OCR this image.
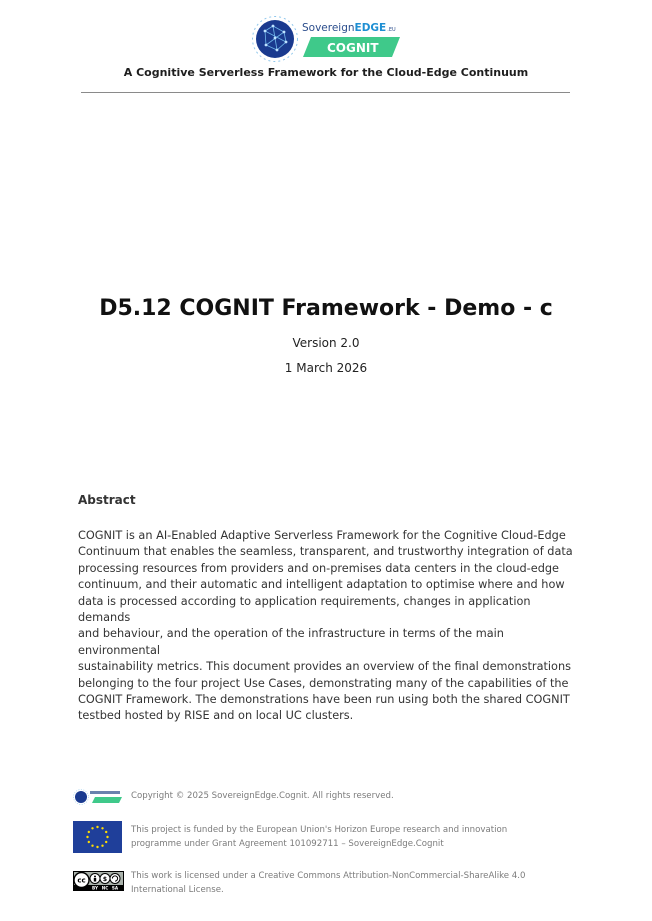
SovereignEDGE.EU
COGNIT
A Cognitive Serverless Framework for the Cloud-Edge Continuum
D5.12 COGNIT Framework - Demo - c
Version 2.0
1 March 2026
Abstract
COGNIT is an AI-Enabled Adaptive Serverless Framework for the Cognitive Cloud-Edge
Continuum that enables the seamless, transparent, and trustworthy integration of data
processing resources from providers and on-premises data centers in the cloud-edge
continuum, and their automatic and intelligent adaptation to optimise where and how
data is processed according to application requirements, changes in application demands
and behaviour, and the operation of the infrastructure in terms of the main environmental
sustainability metrics. This document provides an overview of the final demonstrations
belonging to the four project Use Cases, demonstrating many of the capabilities of the
COGNIT Framework. The demonstrations have been run using both the shared COGNIT
testbed hosted by RISE and on local UC clusters.
Copyright © 2025 SovereignEdge.Cognit. All rights reserved.
This project is funded by the European Union's Horizon Europe research and innovation
programme under Grant Agreement 101092711 – SovereignEdge.Cognit
cc	$
BY NC SA
This work is licensed under a Creative Commons Attribution-NonCommercial-ShareAlike 4.0
International License.
